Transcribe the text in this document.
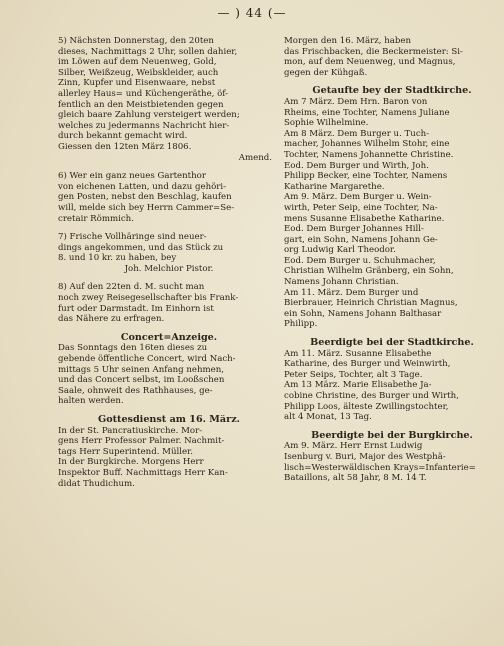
— ) 44 (—
5) Nächsten Donnerstag, den 20ten
dieses, Nachmittags 2 Uhr, sollen dahier,
im Löwen auf dem Neuenweg, Gold,
Silber, Weißzeug, Weibskleider, auch
Zinn, Kupfer und Eisenwaare, nebst
allerley Haus= und Küchengeräthe, öf-
fentlich an den Meistbietenden gegen
gleich baare Zahlung versteigert werden;
welches zu jedermanns Nachricht hier-
durch bekannt gemacht wird.
Giessen den 12ten März 1806.
Amend.
6) Wer ein ganz neues Gartenthor
von eichenen Latten, und dazu gehöri-
gen Posten, nebst den Beschlag, kaufen
will, melde sich bey Herrn Cammer=Se-
cretair Römmich.
7) Frische Vollhäringe sind neuer-
dings angekommen, und das Stück zu
8. und 10 kr. zu haben, bey
Joh. Melchior Pistor.
8) Auf den 22ten d. M. sucht man
noch zwey Reisegesellschafter bis Frank-
furt oder Darmstadt. Im Einhorn ist
das Nähere zu erfragen.
Concert=Anzeige.
Das Sonntags den 16ten dieses zu
gebende öffentliche Concert, wird Nach-
mittags 5 Uhr seinen Anfang nehmen,
und das Concert selbst, im Looßschen
Saale, ohnweit des Rathhauses, ge-
halten werden.
Gottesdienst am 16. März.
In der St. Pancratiuskirche. Mor-
gens Herr Professor Palmer. Nachmit-
tags Herr Superintend. Müller.
In der Burgkirche. Morgens Herr
Inspektor Buff. Nachmittags Herr Kan-
didat Thudichum.
Morgen den 16. März, haben
das Frischbacken, die Beckermeister: Si-
mon, auf dem Neuenweg, und Magnus,
gegen der Kühgaß.
Getaufte bey der Stadtkirche.
Am 7 März. Dem Hrn. Baron von
Rheims, eine Tochter, Namens Juliane
Sophie Wilhelmine.
Am 8 März. Dem Burger u. Tuch-
macher, Johannes Wilhelm Stohr, eine
Tochter, Namens Johannette Christine.
Eod. Dem Burger und Wirth, Joh.
Philipp Becker, eine Tochter, Namens
Katharine Margarethe.
Am 9. März. Dem Burger u. Wein-
wirth, Peter Seip, eine Tochter, Na-
mens Susanne Elisabethe Katharine.
Eod. Dem Burger Johannes Hill-
gart, ein Sohn, Namens Johann Ge-
org Ludwig Karl Theodor.
Eod. Dem Burger u. Schuhmacher,
Christian Wilhelm Gränberg, ein Sohn,
Namens Johann Christian.
Am 11. März. Dem Burger und
Bierbrauer, Heinrich Christian Magnus,
ein Sohn, Namens Johann Balthasar
Philipp.
Beerdigte bei der Stadtkirche.
Am 11. März. Susanne Elisabethe
Katharine, des Burger und Weinwirth,
Peter Seips, Tochter, alt 3 Tage.
Am 13 März. Marie Elisabethe Ja-
cobine Christine, des Burger und Wirth,
Philipp Loos, älteste Zwillingstochter,
alt 4 Monat, 13 Tag.
Beerdigte bei der Burgkirche.
Am 9. März. Herr Ernst Ludwig
Isenburg v. Buri, Major des Westphä-
lisch=Westerwäldischen Krays=Infanterie=
Bataillons, alt 58 Jahr, 8 M. 14 T.
